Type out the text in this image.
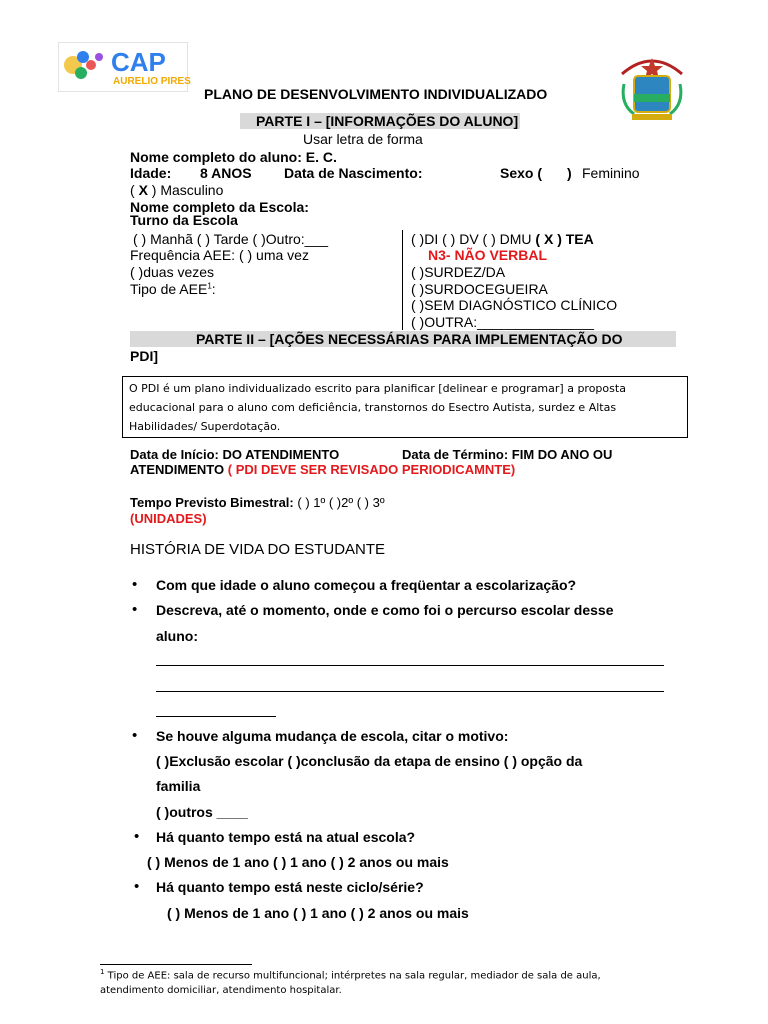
CAP
AURELIO PIRES
PLANO DE DESENVOLVIMENTO INDIVIDUALIZADO
PARTE I – [INFORMAÇÕES DO ALUNO]
Usar letra de forma
Nome completo do aluno: E. C.
Idade: 8 ANOS Data de Nascimento:	Sexo ( ) Feminino
( X ) Masculino
Nome completo da Escola:
Turno da Escola
( ) Manhã ( ) Tarde ( )Outro:___
Frequência AEE: ( ) uma vez
( )duas vezes
Tipo de AEE$^1$:
( )DI ( ) DV ( ) DMU ( X ) TEA
N3- NÃO VERBAL
( )SURDEZ/DA
( )SURDOCEGUEIRA
( )SEM DIAGNÓSTICO CLÍNICO
( )OUTRA:_______________
PARTE II – [AÇÕES NECESSÁRIAS PARA IMPLEMENTAÇÃO DO
PDI]
O PDI é um plano individualizado escrito para planificar [delinear e programar] a proposta educacional para o aluno com deficiência, transtornos do Esectro Autista, surdez e Altas Habilidades/ Superdotação.
Data de Início: DO ATENDIMENTO	Data de Término: FIM DO ANO OU
ATENDIMENTO ( PDI DEVE SER REVISADO PERIODICAMNTE)
Tempo Previsto Bimestral: ( ) 1º ( )2º ( ) 3º
(UNIDADES)
HISTÓRIA DE VIDA DO ESTUDANTE
• Com que idade o aluno começou a freqüentar a escolarização?
• Descreva, até o momento, onde e como foi o percurso escolar desse
aluno:
• Se houve alguma mudança de escola, citar o motivo:
( )Exclusão escolar ( )conclusão da etapa de ensino ( ) opção da
familia
( )outros ____
• Há quanto tempo está na atual escola?
( ) Menos de 1 ano ( ) 1 ano ( ) 2 anos ou mais
• Há quanto tempo está neste ciclo/série?
( ) Menos de 1 ano ( ) 1 ano ( ) 2 anos ou mais
$^1$ Tipo de AEE: sala de recurso multifuncional; intérpretes na sala regular, mediador de sala de aula,
atendimento domiciliar, atendimento hospitalar.
